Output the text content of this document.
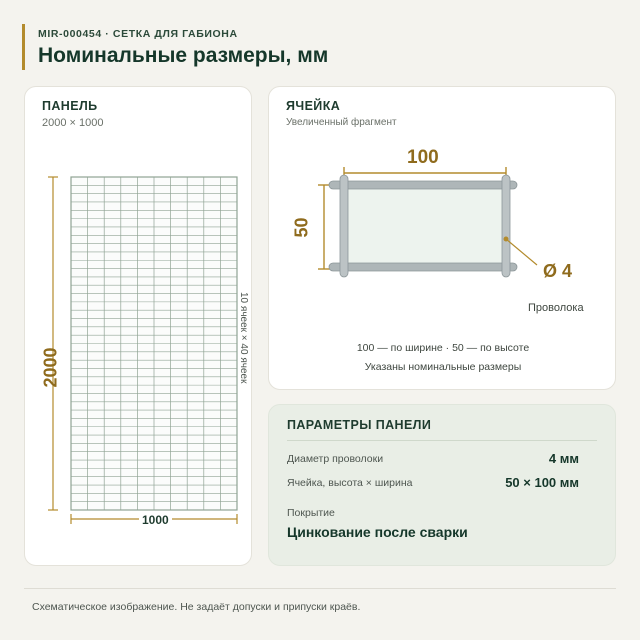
MIR-000454 · СЕТКА ДЛЯ ГАБИОНА
Номинальные размеры, мм
ПАНЕЛЬ
2000 × 1000
2000
1000
10 ячеек × 40 ячеек
ЯЧЕЙКА
Увеличенный фрагмент
100
50
Ø 4
Проволока
100 — по ширине · 50 — по высоте
Указаны номинальные размеры
ПАРАМЕТРЫ ПАНЕЛИ
Диаметр проволоки	4 мм
Ячейка, высота × ширина	50 × 100 мм
Покрытие
Цинкование после сварки
Схематическое изображение. Не задаёт допуски и припуски краёв.
